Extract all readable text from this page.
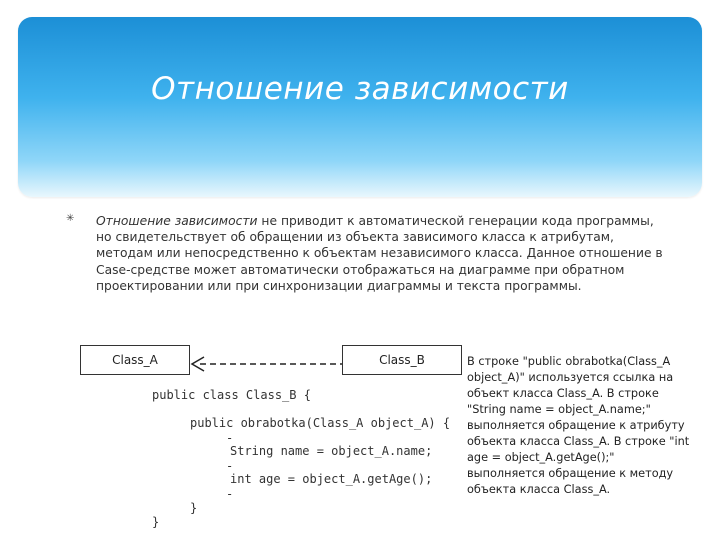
Отношение зависимости
✳ Отношение зависимости не приводит к автоматической генерации кода программы, но свидетельствует об обращении из объекта зависимого класса к атрибутам, методам или непосредственно к объектам независимого класса. Данное отношение в Case-средстве может автоматически отображаться на диаграмме при обратном проектировании или при синхронизации диаграммы и текста программы.
Class_A	Class_B
public class Class_B {
public obrabotka(Class_A object_A) {
-
String name = object_A.name;
-
int age = object_A.getAge();
-
}
}
В строке "public obrabotka(Class_A object_A)" используется ссылка на объект класса Class_A. В строке "String name = object_A.name;" выполняется обращение к атрибуту объекта класса Class_A. В строке "int age = object_A.getAge();" выполняется обращение к методу объекта класса Class_A.
